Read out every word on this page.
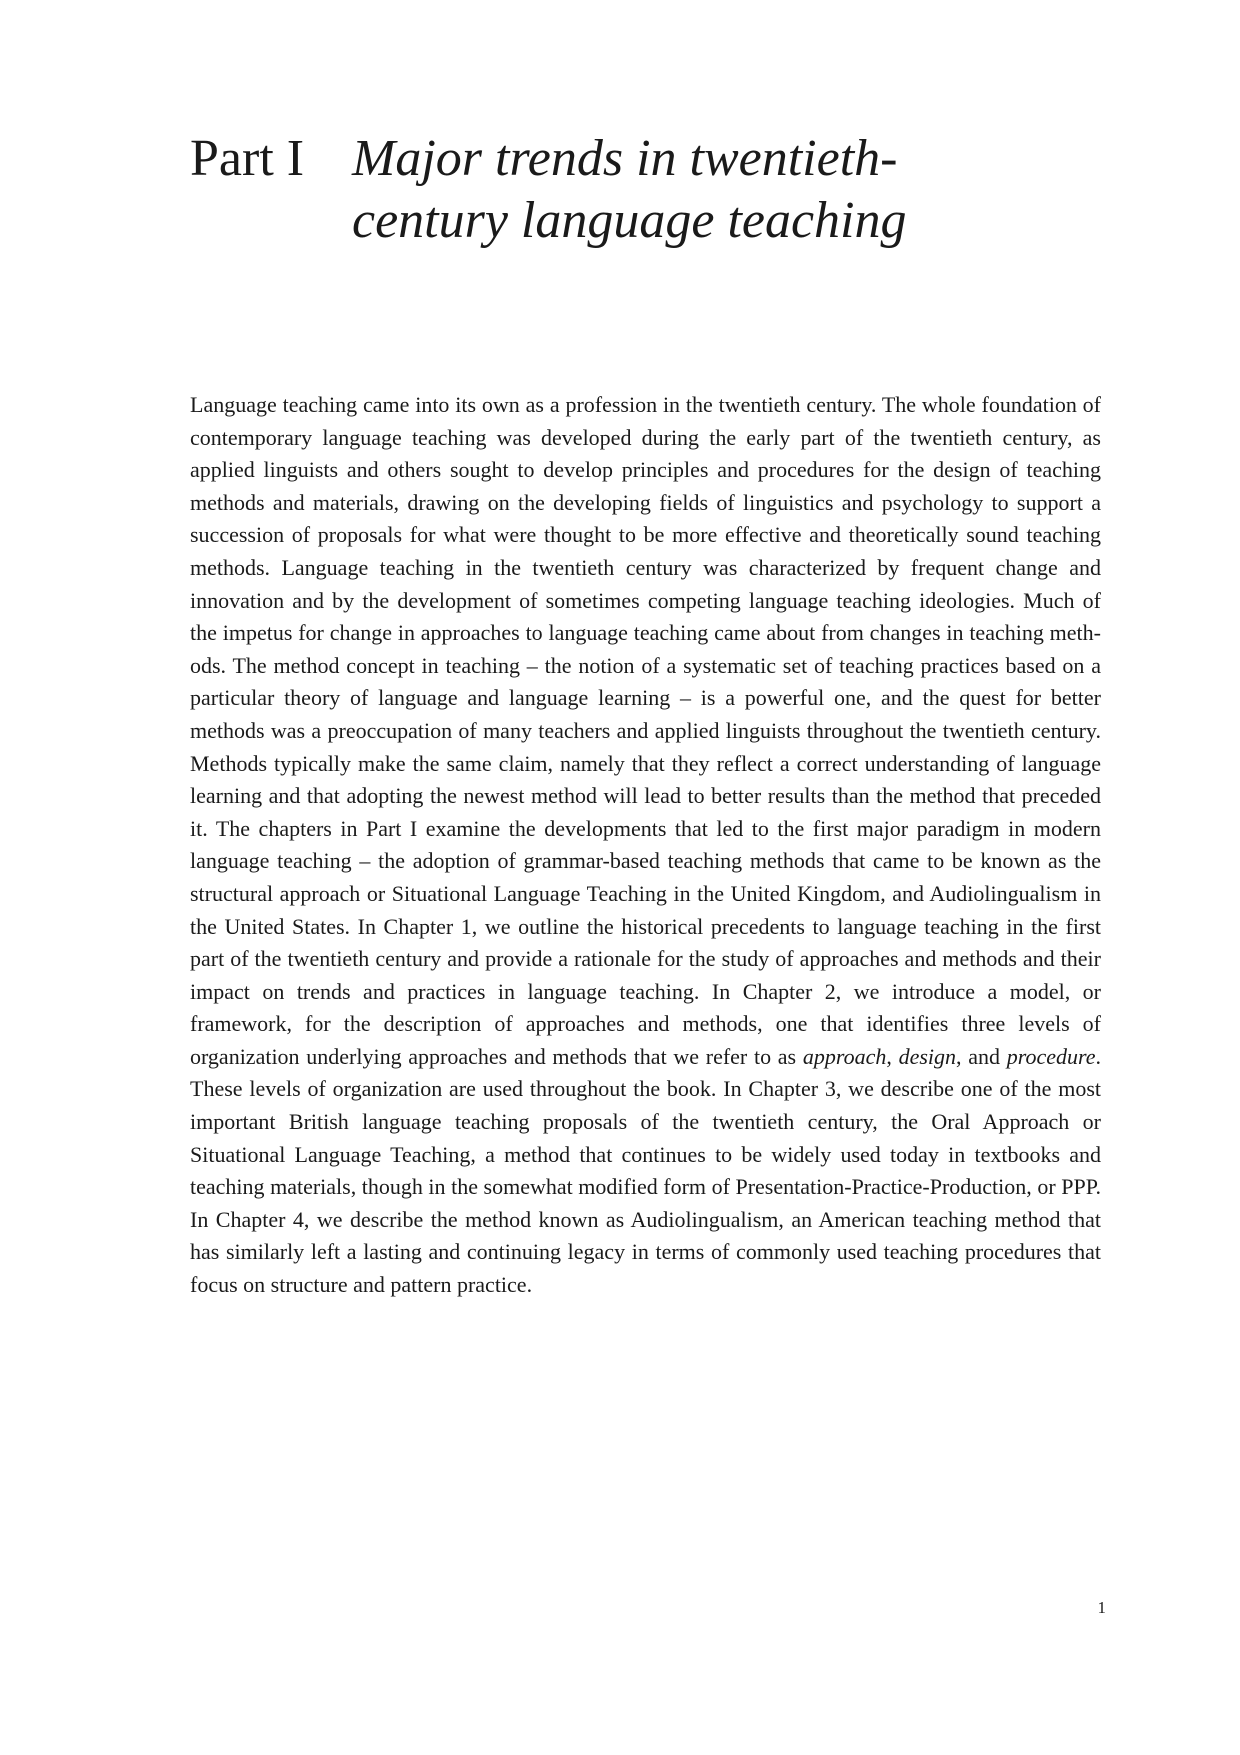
Part I Major trends in twentieth-century language teaching

Language teaching came into its own as a profession in the twentieth century. The whole foundation of contemporary language teaching was developed during the early part of the twentieth century, as applied linguists and others sought to develop principles and procedures for the design of teaching methods and materials, drawing on the developing fields of linguistics and psychology to support a succession of proposals for what were thought to be more effective and theoretically sound teaching methods. Language teaching in the twentieth century was characterized by frequent change and innovation and by the development of sometimes competing language teaching ideologies. Much of the impetus for change in approaches to language teaching came about from changes in teaching methods. The method concept in teaching – the notion of a systematic set of teaching practices based on a particular theory of language and language learning – is a powerful one, and the quest for better methods was a preoccupation of many teachers and applied linguists throughout the twentieth century. Methods typically make the same claim, namely that they reflect a correct understanding of language learning and that adopting the newest method will lead to better results than the method that preceded it. The chapters in Part I examine the developments that led to the first major paradigm in modern language teaching – the adoption of grammar-based teaching methods that came to be known as the structural approach or Situational Language Teaching in the United Kingdom, and Audiolingualism in the United States. In Chapter 1, we outline the historical precedents to language teaching in the first part of the twentieth century and provide a rationale for the study of approaches and methods and their impact on trends and practices in language teaching. In Chapter 2, we introduce a model, or framework, for the description of approaches and methods, one that identifies three levels of organization underlying approaches and methods that we refer to as approach, design, and procedure. These levels of organization are used throughout the book. In Chapter 3, we describe one of the most important British language teaching proposals of the twentieth century, the Oral Approach or Situational Language Teaching, a method that continues to be widely used today in textbooks and teaching materials, though in the somewhat modified form of Presentation-Practice-Production, or PPP. In Chapter 4, we describe the method known as Audiolingualism, an American teaching method that has similarly left a lasting and continuing legacy in terms of commonly used teaching procedures that focus on structure and pattern practice.

1
